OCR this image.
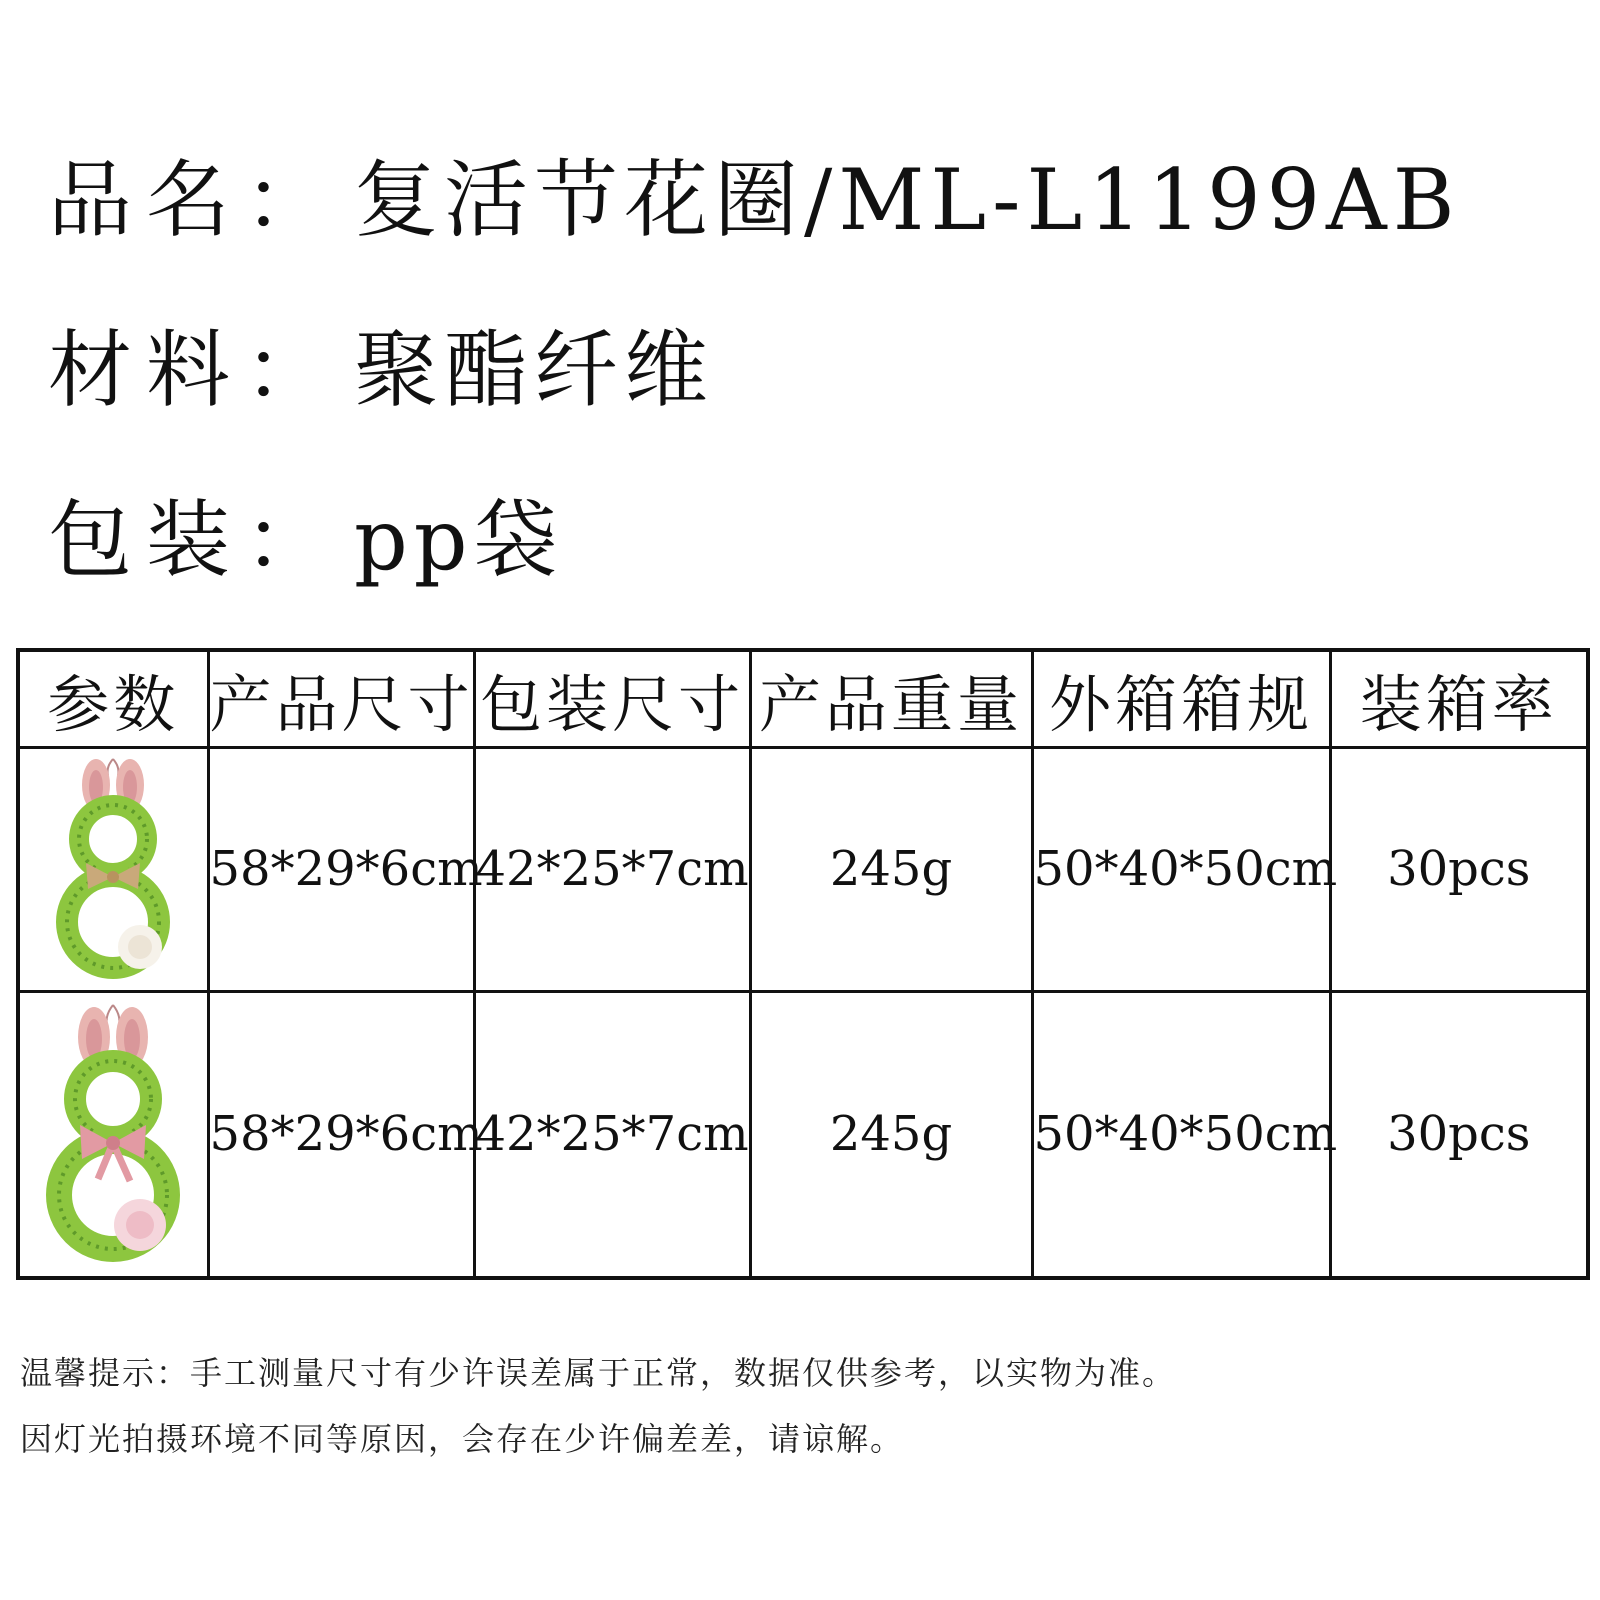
品名： 复活节花圈/ML-L1199AB
材料： 聚酯纤维
包装： pp袋
参数	产品尺寸	包装尺寸	产品重量	外箱箱规	装箱率

	58*29*6cm	42*25*7cm	245g	50*40*50cm	30pcs

	58*29*6cm	42*25*7cm	245g	50*40*50cm	30pcs
温馨提示：手工测量尺寸有少许误差属于正常，数据仅供参考，以实物为准。
因灯光拍摄环境不同等原因，会存在少许偏差差，请谅解。
